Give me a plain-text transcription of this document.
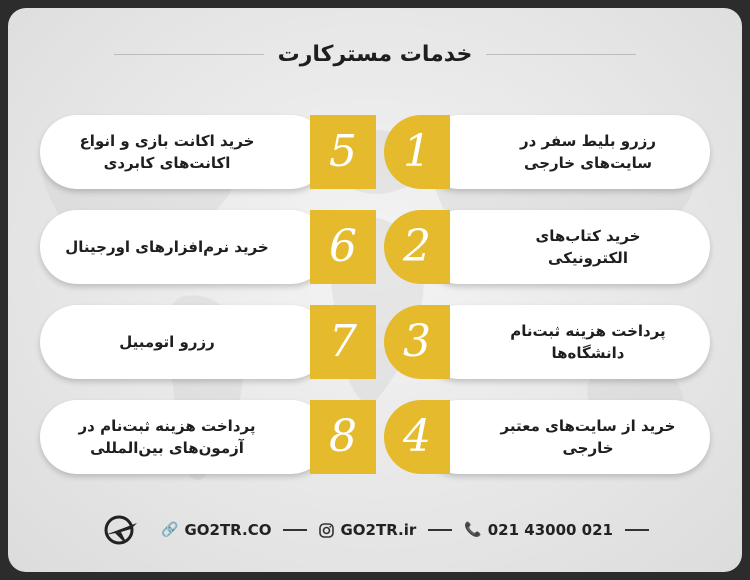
خدمات مسترکارت
رزرو بلیط سفر در سایت‌های خارجی
1
خرید اکانت بازی و انواع اکانت‌های کابردی	5
خرید کتاب‌های الکترونیکی
2
خرید نرم‌افزارهای اورجینال 6
پرداخت هزینه ثبت‌نام دانشگاه‌ها
3
رزرو اتومبیل	7
خرید از سایت‌های معتبر خارجی
4
پرداخت هزینه ثبت‌نام در آزمون‌های بین‌المللی	8
🔗 GO2TR.CO	GO2TR.ir	📞 021 43000 021
